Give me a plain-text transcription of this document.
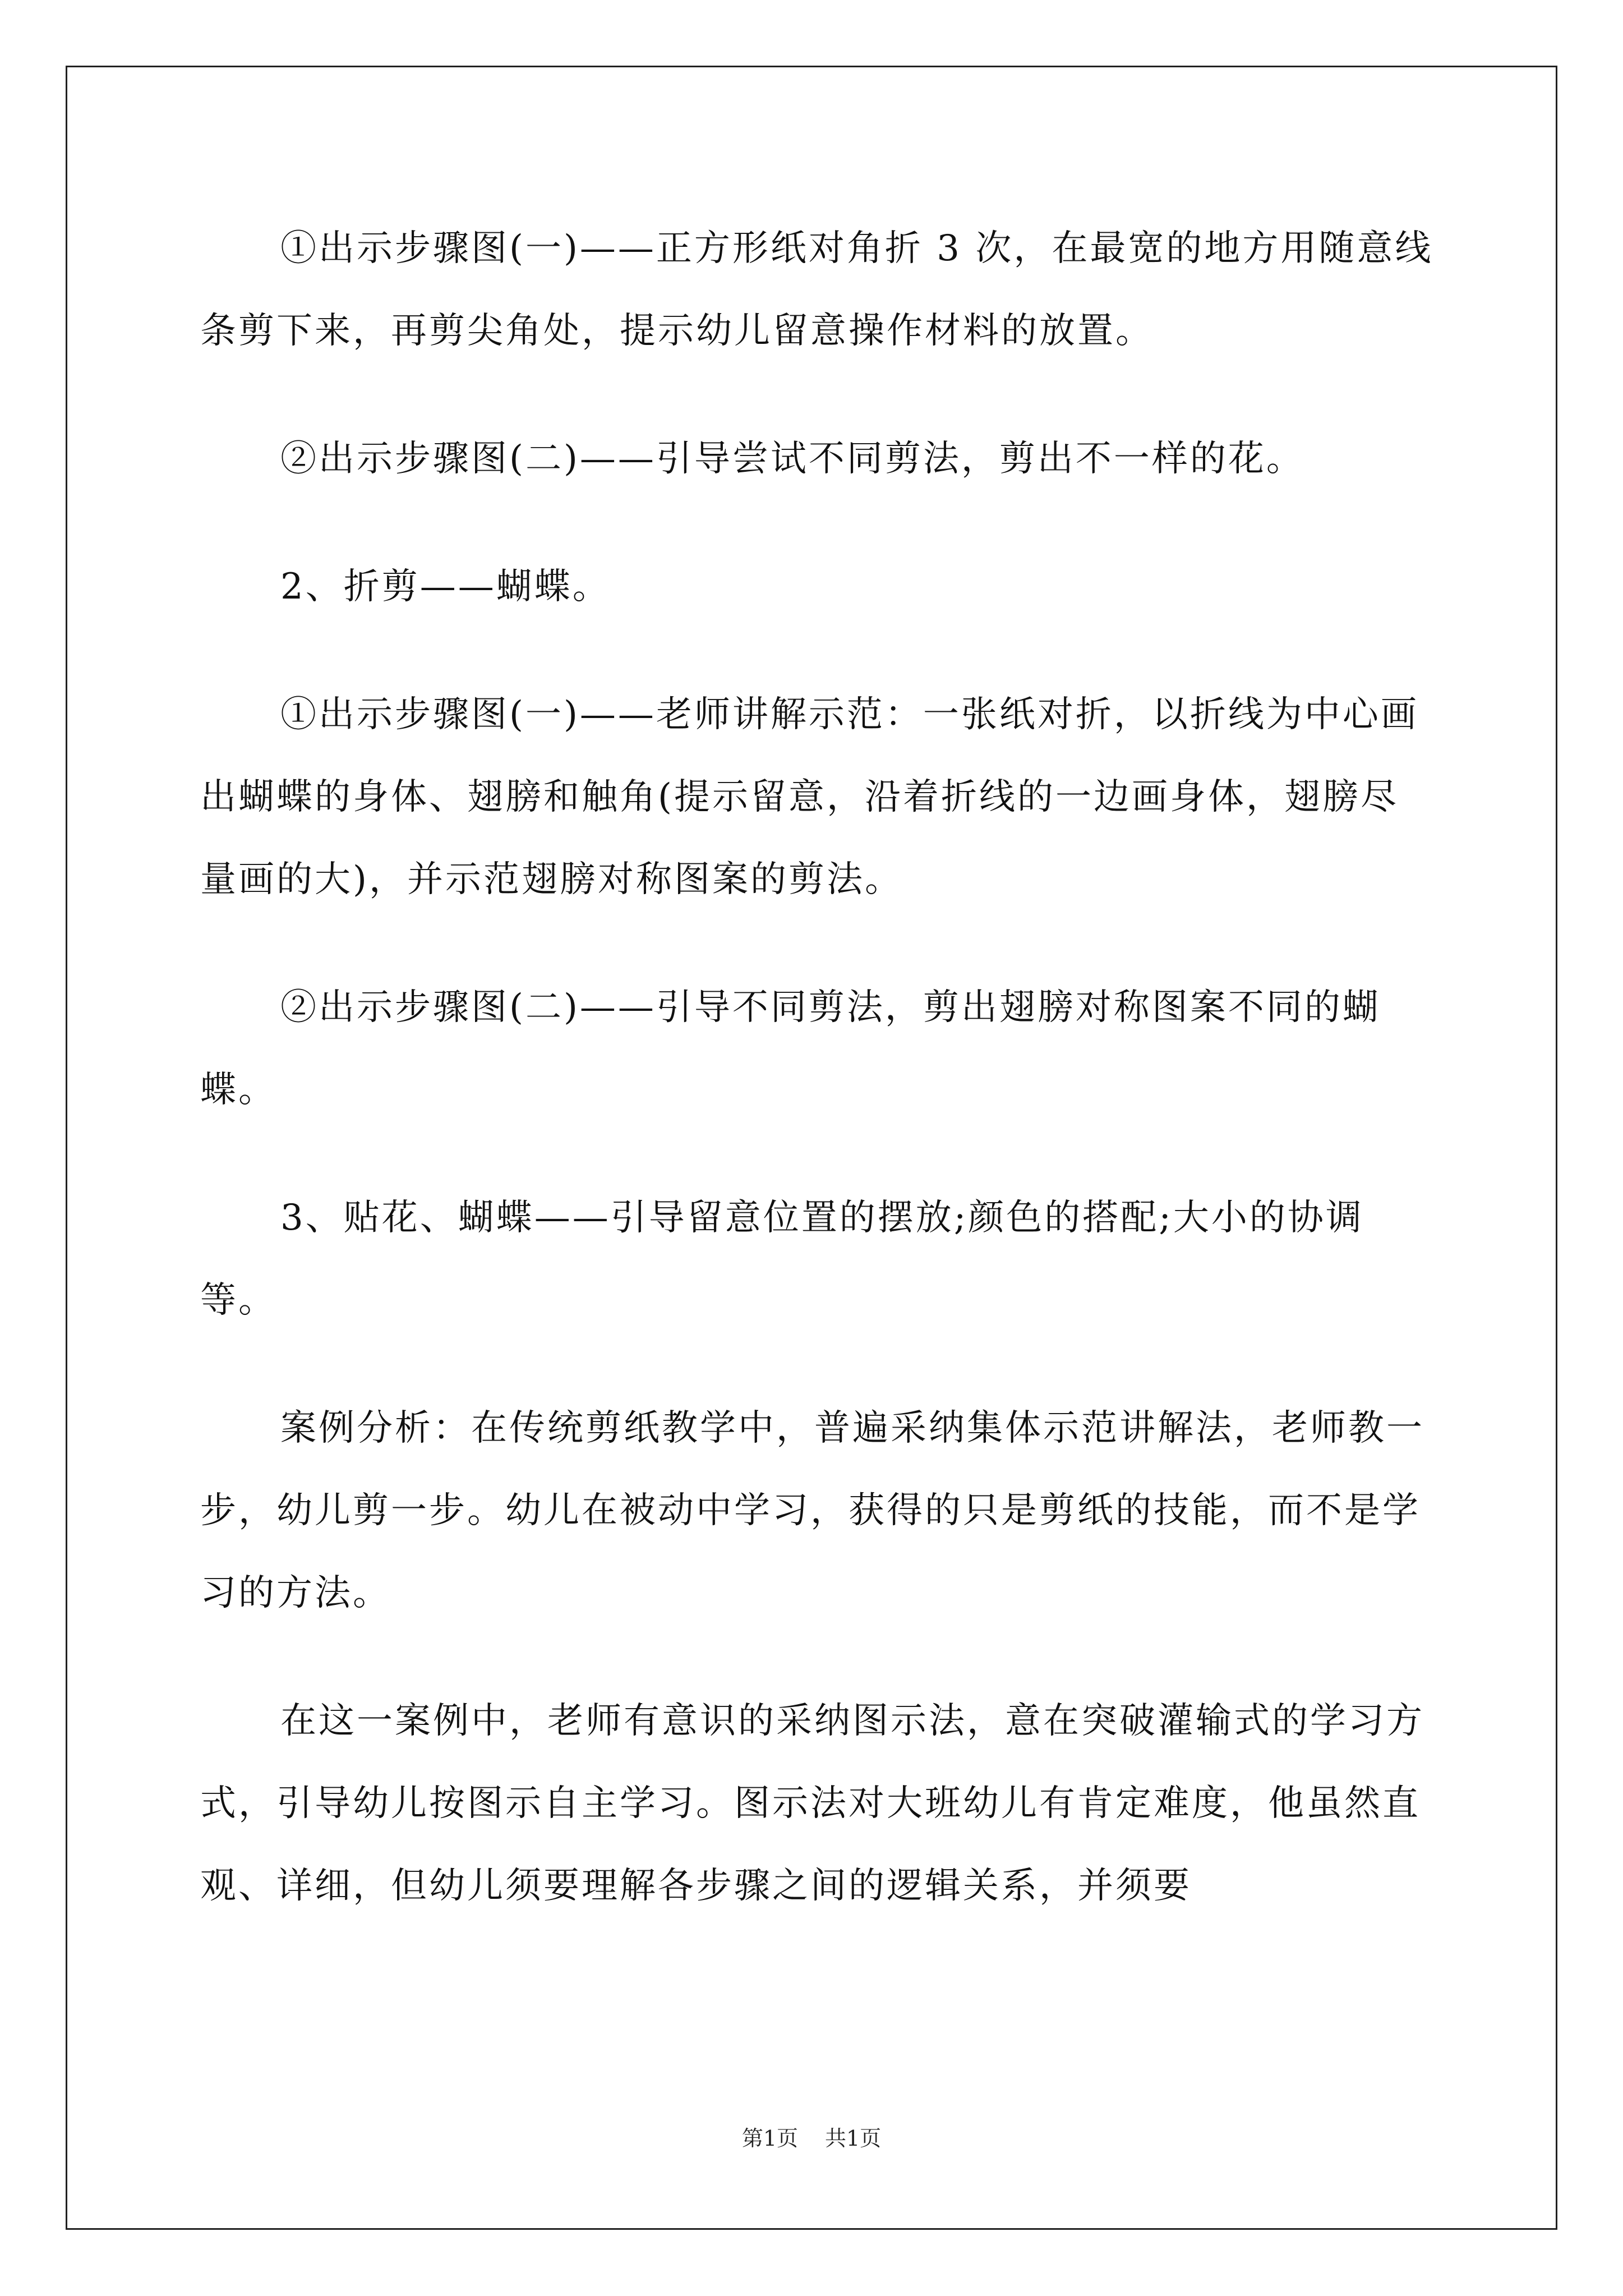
①出示步骤图(一)——正方形纸对角折 3 次，在最宽的地方用随意线条剪下来，再剪尖角处，提示幼儿留意操作材料的放置。

②出示步骤图(二)——引导尝试不同剪法，剪出不一样的花。

2、折剪——蝴蝶。

①出示步骤图(一)——老师讲解示范：一张纸对折，以折线为中心画出蝴蝶的身体、翅膀和触角(提示留意，沿着折线的一边画身体，翅膀尽量画的大)，并示范翅膀对称图案的剪法。

②出示步骤图(二)——引导不同剪法，剪出翅膀对称图案不同的蝴蝶。

3、贴花、蝴蝶——引导留意位置的摆放;颜色的搭配;大小的协调等。

案例分析：在传统剪纸教学中，普遍采纳集体示范讲解法，老师教一步，幼儿剪一步。幼儿在被动中学习，获得的只是剪纸的技能，而不是学习的方法。

在这一案例中，老师有意识的采纳图示法，意在突破灌输式的学习方式，引导幼儿按图示自主学习。图示法对大班幼儿有肯定难度，他虽然直观、详细，但幼儿须要理解各步骤之间的逻辑关系，并须要

第1页 共1页
